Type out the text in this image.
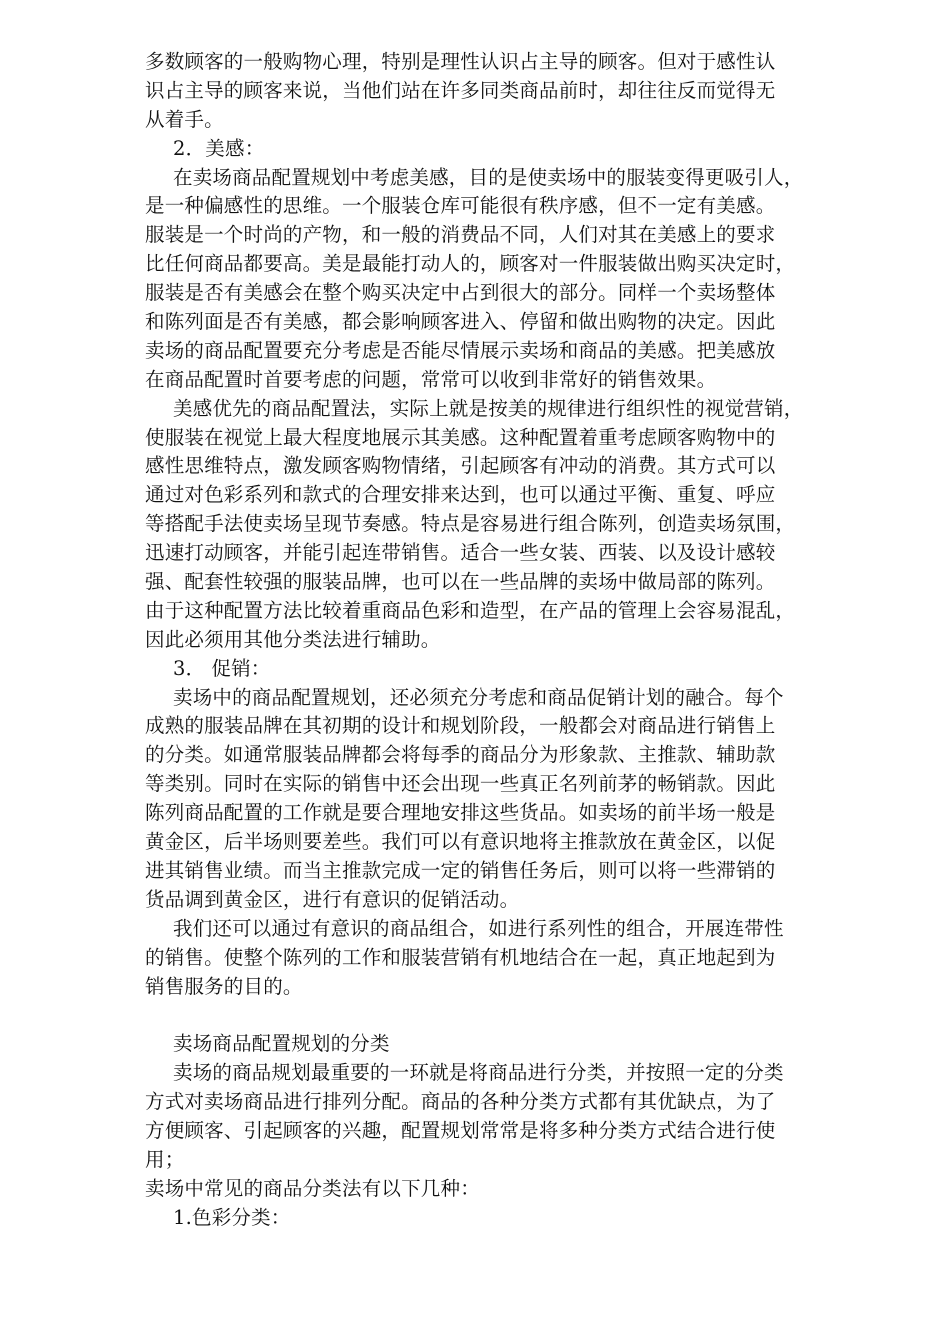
多数顾客的一般购物心理，特别是理性认识占主导的顾客。但对于感性认
识占主导的顾客来说，当他们站在许多同类商品前时，却往往反而觉得无
从着手。
2．美感：
在卖场商品配置规划中考虑美感，目的是使卖场中的服装变得更吸引人，
是一种偏感性的思维。一个服装仓库可能很有秩序感，但不一定有美感。
服装是一个时尚的产物，和一般的消费品不同，人们对其在美感上的要求
比任何商品都要高。美是最能打动人的，顾客对一件服装做出购买决定时，
服装是否有美感会在整个购买决定中占到很大的部分。同样一个卖场整体
和陈列面是否有美感，都会影响顾客进入、停留和做出购物的决定。因此
卖场的商品配置要充分考虑是否能尽情展示卖场和商品的美感。把美感放
在商品配置时首要考虑的问题，常常可以收到非常好的销售效果。
美感优先的商品配置法，实际上就是按美的规律进行组织性的视觉营销，
使服装在视觉上最大程度地展示其美感。这种配置着重考虑顾客购物中的
感性思维特点，激发顾客购物情绪，引起顾客有冲动的消费。其方式可以
通过对色彩系列和款式的合理安排来达到，也可以通过平衡、重复、呼应
等搭配手法使卖场呈现节奏感。特点是容易进行组合陈列，创造卖场氛围，
迅速打动顾客，并能引起连带销售。适合一些女装、西装、以及设计感较
强、配套性较强的服装品牌，也可以在一些品牌的卖场中做局部的陈列。
由于这种配置方法比较着重商品色彩和造型，在产品的管理上会容易混乱，
因此必须用其他分类法进行辅助。
3．	促销：
卖场中的商品配置规划，还必须充分考虑和商品促销计划的融合。每个
成熟的服装品牌在其初期的设计和规划阶段，一般都会对商品进行销售上
的分类。如通常服装品牌都会将每季的商品分为形象款、主推款、辅助款
等类别。同时在实际的销售中还会出现一些真正名列前茅的畅销款。因此
陈列商品配置的工作就是要合理地安排这些货品。如卖场的前半场一般是
黄金区，后半场则要差些。我们可以有意识地将主推款放在黄金区，以促
进其销售业绩。而当主推款完成一定的销售任务后，则可以将一些滞销的
货品调到黄金区，进行有意识的促销活动。
我们还可以通过有意识的商品组合，如进行系列性的组合，开展连带性
的销售。使整个陈列的工作和服装营销有机地结合在一起，真正地起到为
销售服务的目的。
卖场商品配置规划的分类
卖场的商品规划最重要的一环就是将商品进行分类，并按照一定的分类
方式对卖场商品进行排列分配。商品的各种分类方式都有其优缺点，为了
方便顾客、引起顾客的兴趣，配置规划常常是将多种分类方式结合进行使
用；
卖场中常见的商品分类法有以下几种：
1.色彩分类：
